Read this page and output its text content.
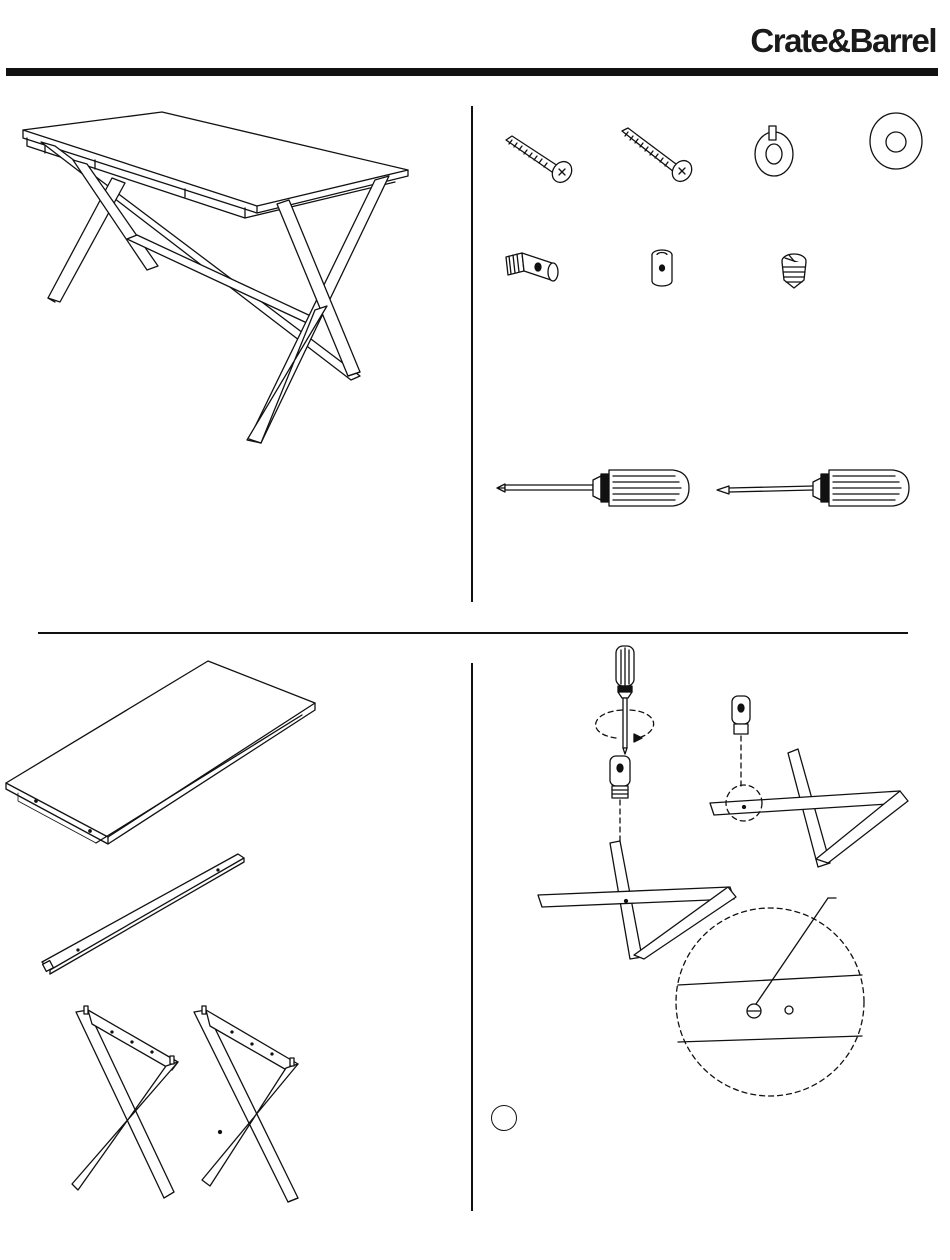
Crate&Barrel
